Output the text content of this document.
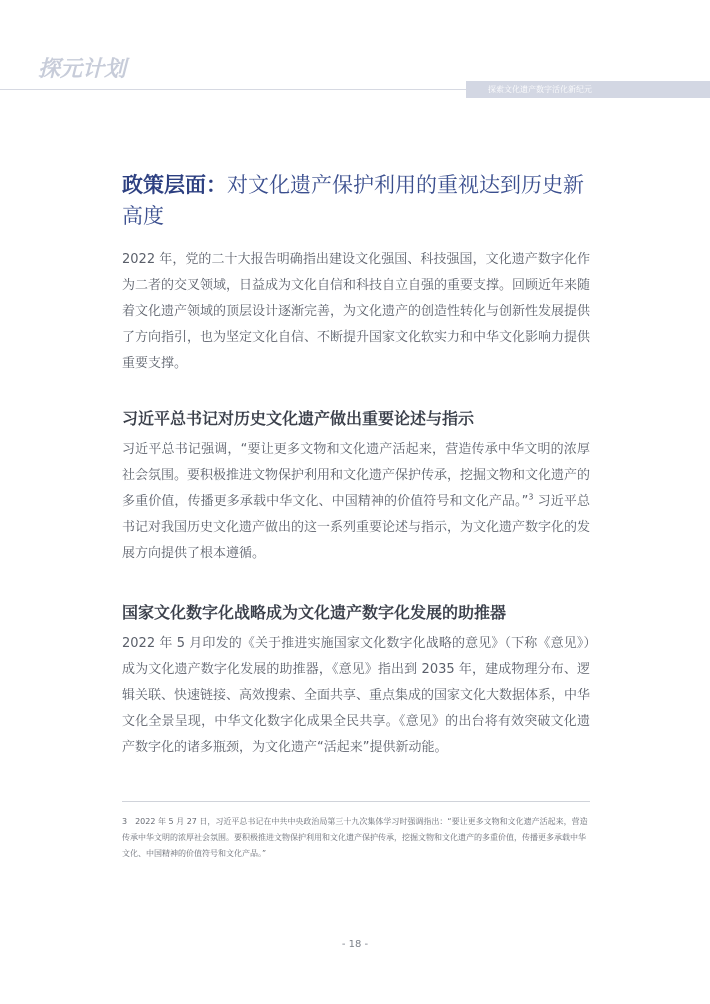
探元计划
探索文化遗产数字活化新纪元
政策层面：对文化遗产保护利用的重视达到历史新高度

2022 年，党的二十大报告明确指出建设文化强国、科技强国，文化遗产数字化作为二者的交叉领域，日益成为文化自信和科技自立自强的重要支撑。回顾近年来随着文化遗产领域的顶层设计逐渐完善，为文化遗产的创造性转化与创新性发展提供了方向指引，也为坚定文化自信、不断提升国家文化软实力和中华文化影响力提供重要支撑。

习近平总书记对历史文化遗产做出重要论述与指示

习近平总书记强调，“要让更多文物和文化遗产活起来，营造传承中华文明的浓厚社会氛围。要积极推进文物保护利用和文化遗产保护传承，挖掘文物和文化遗产的多重价值，传播更多承载中华文化、中国精神的价值符号和文化产品。”$^3$ 习近平总书记对我国历史文化遗产做出的这一系列重要论述与指示，为文化遗产数字化的发展方向提供了根本遵循。

国家文化数字化战略成为文化遗产数字化发展的助推器

2022 年 5 月印发的《关于推进实施国家文化数字化战略的意见》（下称《意见》）成为文化遗产数字化发展的助推器，《意见》指出到 2035 年，建成物理分布、逻辑关联、快速链接、高效搜索、全面共享、重点集成的国家文化大数据体系，中华文化全景呈现，中华文化数字化成果全民共享。《意见》的出台将有效突破文化遗产数字化的诸多瓶颈，为文化遗产“活起来”提供新动能。

3　2022 年 5 月 27 日，习近平总书记在中共中央政治局第三十九次集体学习时强调指出：“要让更多文物和文化遗产活起来，营造传承中华文明的浓厚社会氛围。要积极推进文物保护利用和文化遗产保护传承，挖掘文物和文化遗产的多重价值，传播更多承载中华文化、中国精神的价值符号和文化产品。”

- 18 -
